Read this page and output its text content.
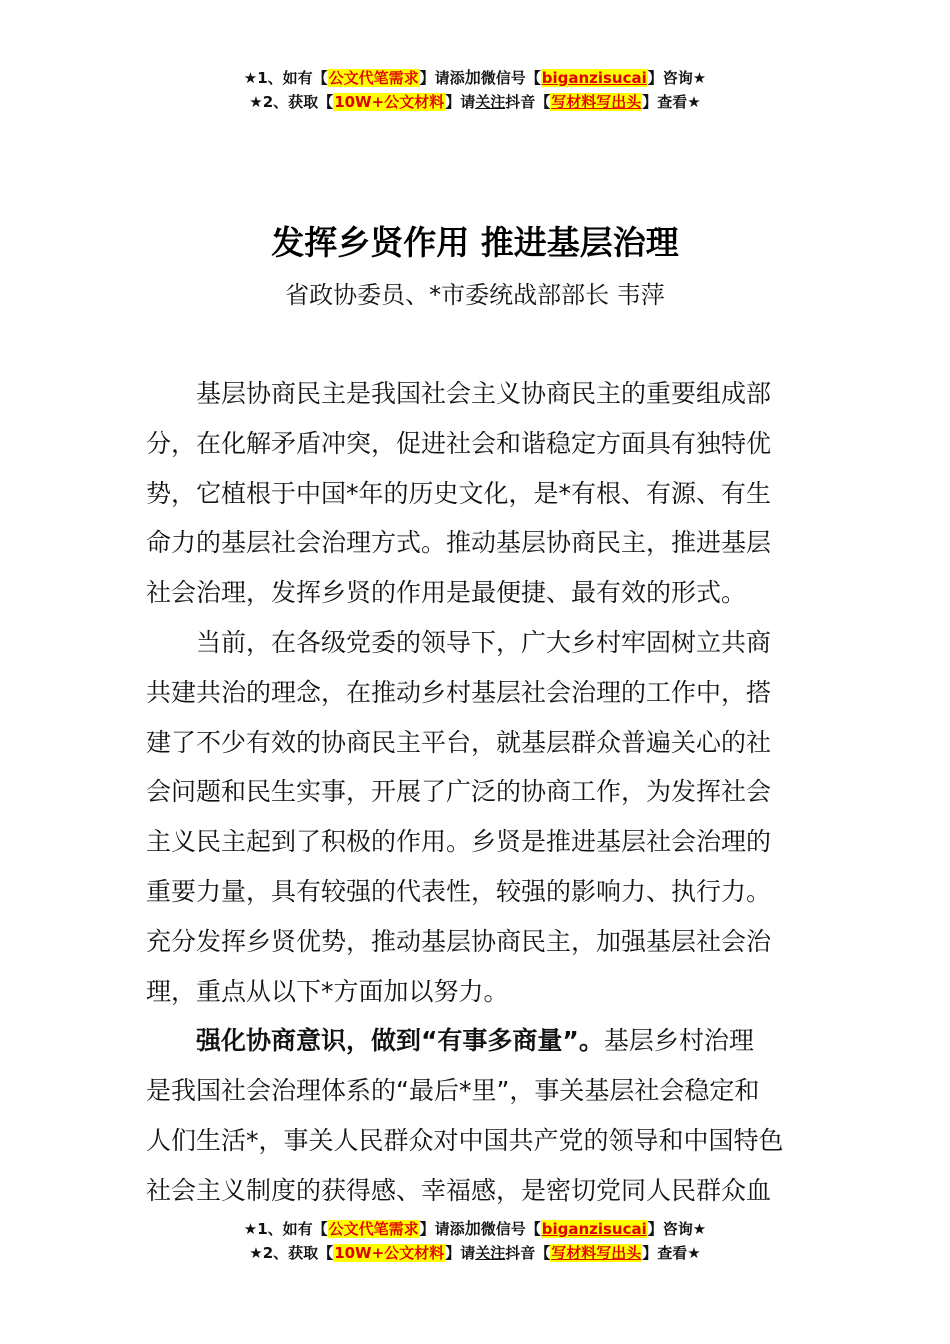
★1、如有【公文代笔需求】请添加微信号【biganzisucai】咨询★
★2、获取【10W+公文材料】请关注抖音【写材料写出头】查看★
发挥乡贤作用 推进基层治理
省政协委员、*市委统战部部长 韦萍
基层协商民主是我国社会主义协商民主的重要组成部
分，在化解矛盾冲突，促进社会和谐稳定方面具有独特优
势，它植根于中国*年的历史文化，是*有根、有源、有生
命力的基层社会治理方式。推动基层协商民主，推进基层
社会治理，发挥乡贤的作用是最便捷、最有效的形式。
当前，在各级党委的领导下，广大乡村牢固树立共商
共建共治的理念，在推动乡村基层社会治理的工作中，搭
建了不少有效的协商民主平台，就基层群众普遍关心的社
会问题和民生实事，开展了广泛的协商工作，为发挥社会
主义民主起到了积极的作用。乡贤是推进基层社会治理的
重要力量，具有较强的代表性，较强的影响力、执行力。
充分发挥乡贤优势，推动基层协商民主，加强基层社会治
理，重点从以下*方面加以努力。
强化协商意识，做到“有事多商量”。基层乡村治理
是我国社会治理体系的“最后*里”，事关基层社会稳定和
人们生活*，事关人民群众对中国共产党的领导和中国特色
社会主义制度的获得感、幸福感，是密切党同人民群众血
★1、如有【公文代笔需求】请添加微信号【biganzisucai】咨询★
★2、获取【10W+公文材料】请关注抖音【写材料写出头】查看★
